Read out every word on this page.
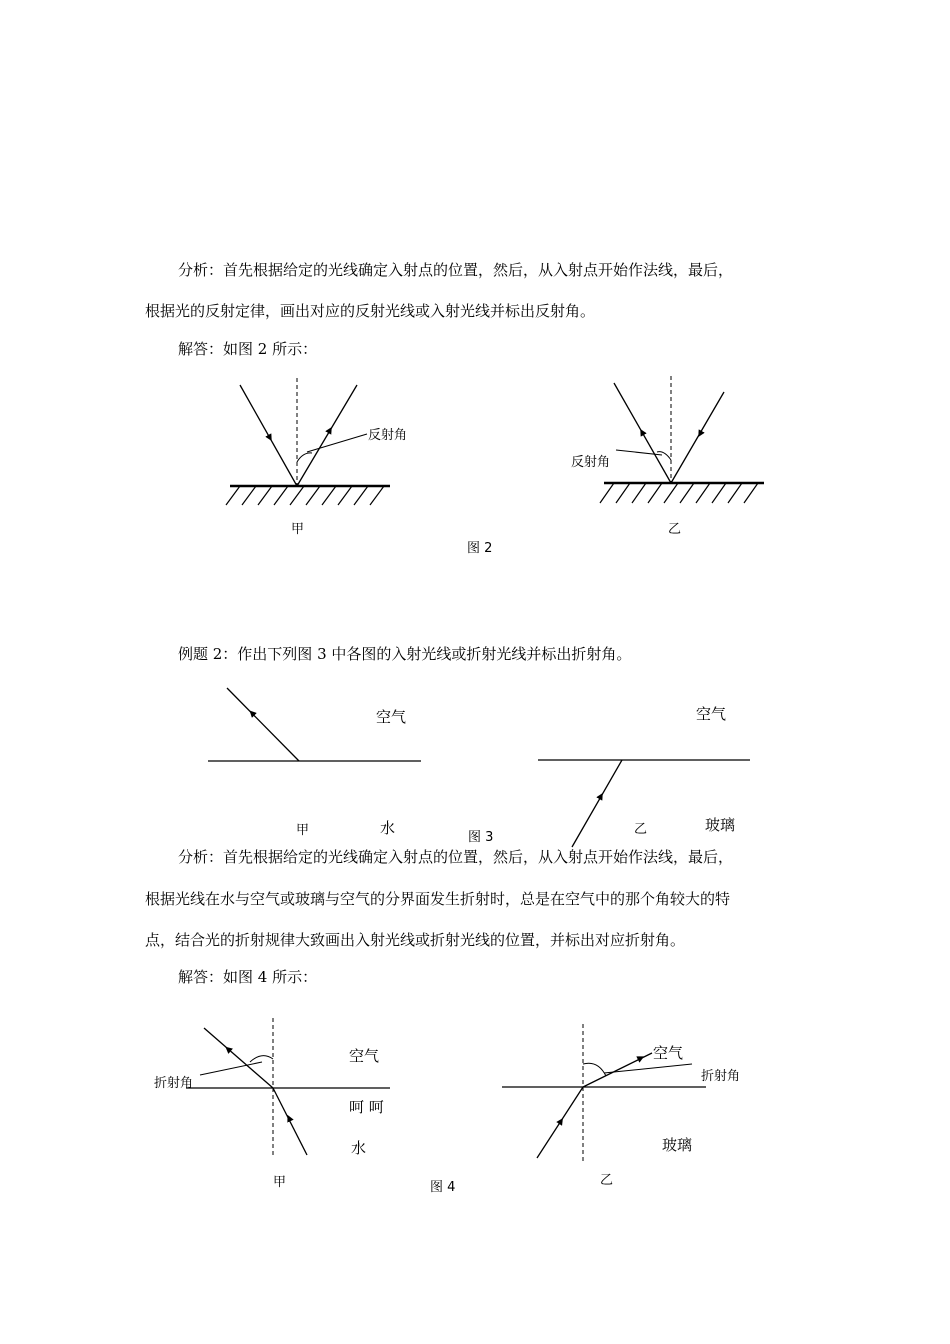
分析：首先根据给定的光线确定入射点的位置，然后，从入射点开始作法线，最后，
根据光的反射定律，画出对应的反射光线或入射光线并标出反射角。
解答：如图 2 所示：
例题 2：作出下列图 3 中各图的入射光线或折射光线并标出折射角。
分析：首先根据给定的光线确定入射点的位置，然后，从入射点开始作法线，最后，
根据光线在水与空气或玻璃与空气的分界面发生折射时，总是在空气中的那个角较大的特
点，结合光的折射规律大致画出入射光线或折射光线的位置，并标出对应折射角。
解答：如图 4 所示：
反射角
甲
反射角
乙
图 2
空气
水
甲
空气
玻璃
乙
图 3
折射角
空气
呵 呵
水
甲
空气
折射角
玻璃
乙
图 4
